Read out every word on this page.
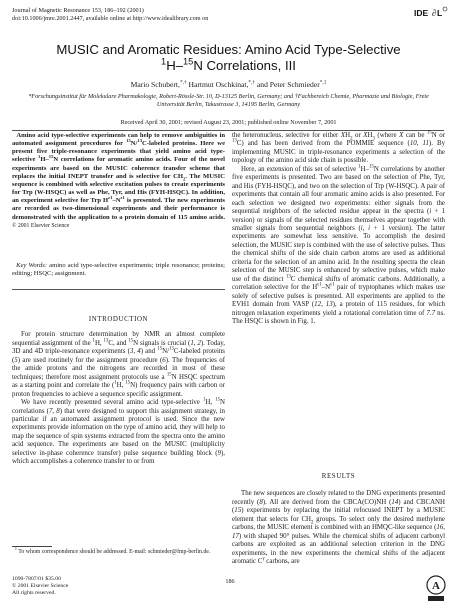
Journal of Magnetic Resonance 153, 186–192 (2001)
doi:10.1006/jmre.2001.2447, available online at http://www.idealibrary.com on
IDE ∂ L
MUSIC and Aromatic Residues: Amino Acid Type-Selective
$^1$H–$^{15}$N Correlations, III
Mario Schubert,*,† Hartmut Oschkinat,*,† and Peter Schmieder$^{*,1}$
*Forschungsinstitut für Molekulare Pharmakologie, Robert-Rössle-Str. 10, D-13125 Berlin, Germany; and †Fachbereich Chemie, Pharmazie und Biologie, Freie Universität Berlin, Takustrasse 3, 14195 Berlin, Germany
Received April 30, 2001; revised August 23, 2001; published online November 7, 2001
Amino acid type-selective experiments can help to remove ambiguities in automated assignment procedures for $^{15}$N/$^{13}$C-labeled proteins. Here we present five triple-resonance experiments that yield amino acid type-selective $^1$H–$^{15}$N correlations for aromatic amino acids. Four of the novel experiments are based on the MUSIC coherence transfer scheme that replaces the initial INEPT transfer and is selective for $CH_2$. The MUSIC sequence is combined with selective excitation pulses to create experiments for Trp (W-HSQC) as well as Phe, Tyr, and His (FYH-HSQC). In addition, an experiment selective for Trp $H^{\varepsilon 1}-N^{\varepsilon 1}$ is presented. The new experiments are recorded as two-dimensional experiments and their performance is demonstrated with the application to a protein domain of 115 amino acids. © 2001 Elsevier Science
Key Words: amino acid type-selective experiments; triple resonance; proteins; editing; HSQC; assignment.
INTRODUCTION

For protein structure determination by NMR an almost complete sequential assignment of the $^1$H, $^{13}$C, and $^{15}$N signals is crucial (1, 2). Today, 3D and 4D triple-resonance experiments (3, 4) and $^{15}$N/$^{13}$C-labeled proteins (5) are used routinely for the assignment procedure (6). The frequencies of the amide protons and the nitrogens are recorded in most of these techniques; therefore most assignment protocols use a $^{15}$N HSQC spectrum as a starting point and correlate the ($^1$H, $^{15}$N) frequency pairs with carbon or proton frequencies to achieve a sequence specific assignment.

We have recently presented several amino acid type-selective $^1$H, $^{15}$N correlations (7, 8) that were designed to support this assignment strategy, in particular if an automated assignment protocol is used. Since the new experiments provide information on the type of amino acid, they will help to map the sequence of spin systems extracted from the spectra onto the amino acid sequence. The experiments are based on the MUSIC (multiplicity selective in-phase coherence transfer) pulse sequence building block (9), which accomplishes a coherence transfer to or from

$^1$ To whom correspondence should be addressed. E-mail: schmieder@fmp-berlin.de.

the heteronucleus, selective for either $XH_2$ or $XH_3$ (where X can be $^{15}$N or $^{13}$C) and has been derived from the POMMIE sequence (10, 11). By implementing MUSIC in triple-resonance experiments a selection of the topology of the amino acid side chain is possible.

Here, an extension of this set of selective $^1$H–$^{15}$N correlations by another five experiments is presented. Two are based on the selection of Phe, Tyr, and His (FYH-HSQC), and two on the selection of Trp (W-HSQC). A pair of experiments that contain all four aromatic amino acids is also presented. For each selection we designed two experiments: either signals from the sequential neighbors of the selected residue appear in the spectra (i + 1 version) or signals of the selected residues themselves appear together with smaller signals from sequential neighbors (i, i + 1 version). The latter experiments are somewhat less sensitive. To accomplish the desired selection, the MUSIC step is combined with the use of selective pulses. Thus the chemical shifts of the side chain carbon atoms are used as additional criteria for the selection of an amino acid. In the resulting spectra the clean selection of the MUSIC step is enhanced by selective pulses, which make use of the distinct $^{13}$C chemical shifts of aromatic carbons. Additionally, a correlation selective for the $H^{\varepsilon 1}-N^{\varepsilon 1}$ pair of tryptophanes which makes use solely of selective pulses is presented. All experiments are applied to the EVH1 domain from VASP (12, 13), a protein of 115 residues, for which nitrogen relaxation experiments yield a rotational correlation time of 7.7 ns. The HSQC is shown in Fig. 1.

RESULTS

The new sequences are closely related to the DNG experiments presented recently (8). All are derived from the CBCA(CO)NH (14) and CBCANH (15) experiments by replacing the initial refocused INEPT by a MUSIC element that selects for $CH_2$ groups. To select only the desired methylene carbons, the MUSIC element is combined with an HMQC-like sequence (16, 17) with shaped 90° pulses. While the chemical shifts of adjacent carbonyl carbons are exploited as an additional selection criterion in the DNG experiments, in the new experiments the chemical shifts of the adjacent aromatic $C^\gamma$ carbons, are

1090-7807/01 $35.00
© 2001 Elsevier Science
All rights reserved.
186	A
